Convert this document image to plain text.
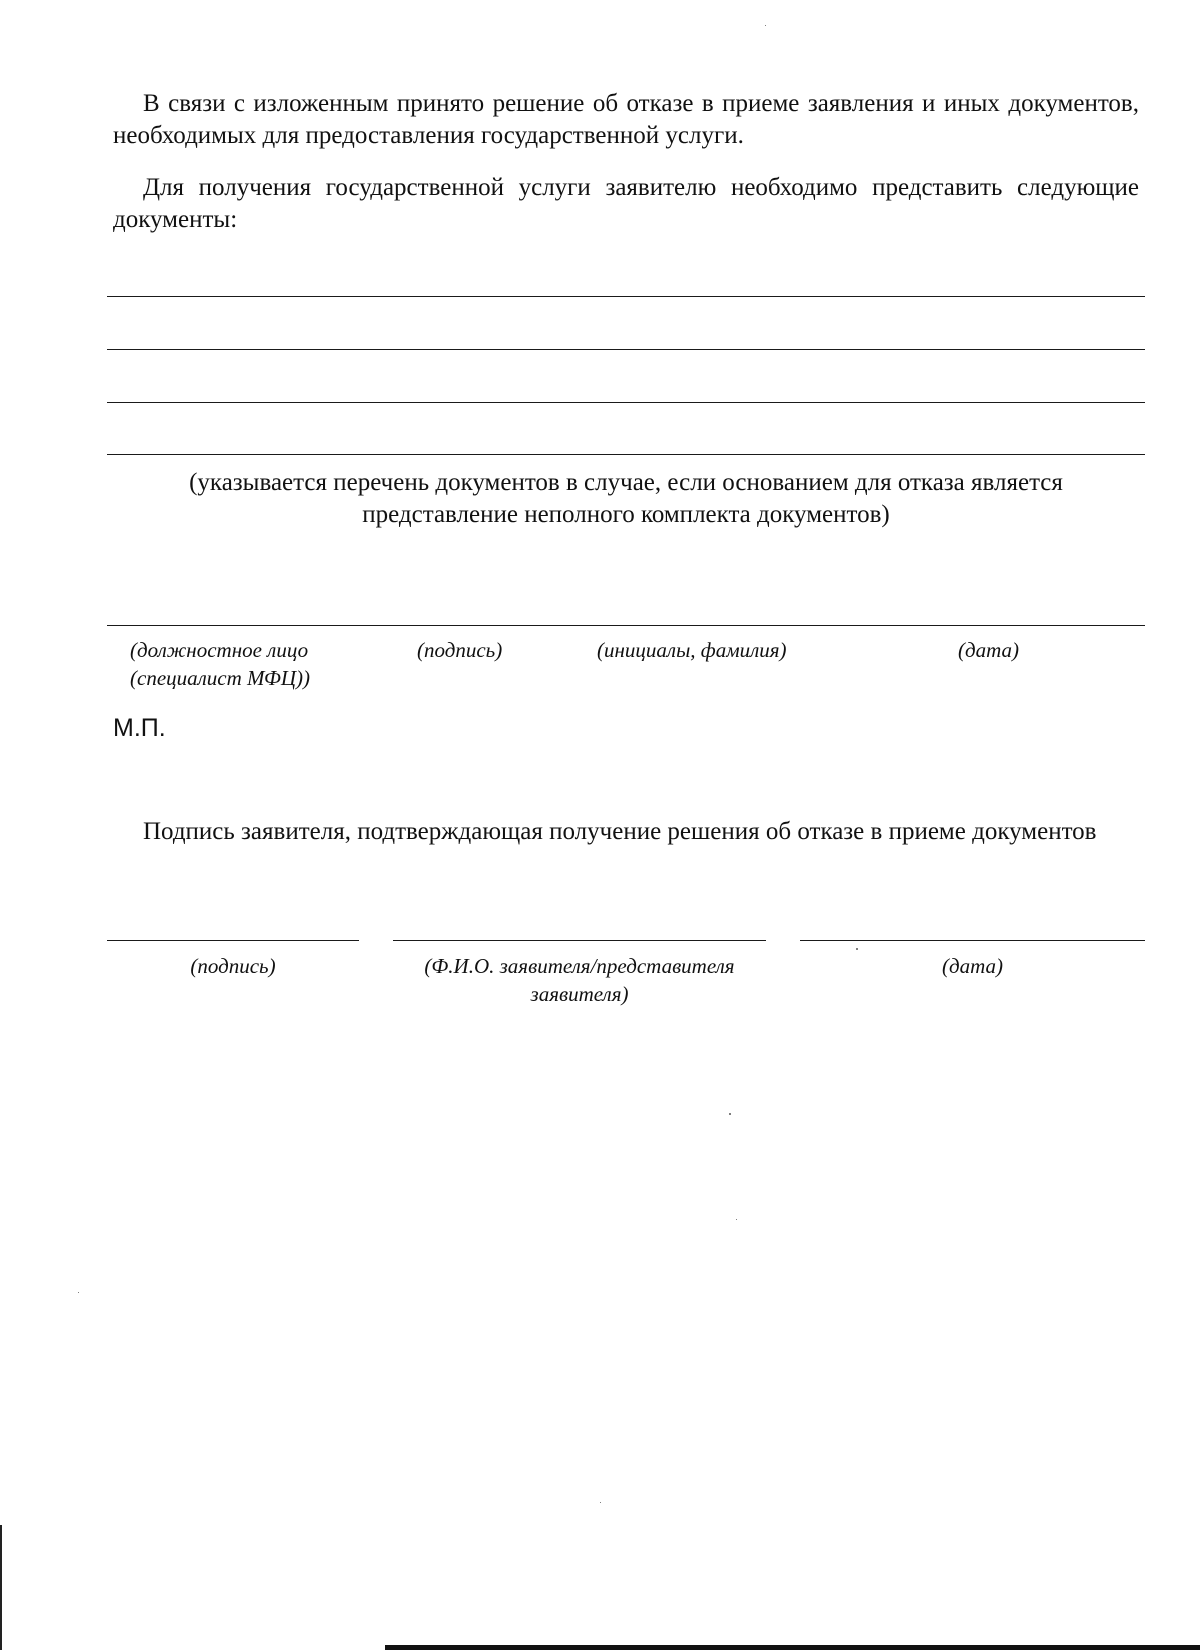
В связи с изложенным принято решение об отказе в приеме заявления и иных документов, необходимых для предоставления государственной услуги.
Для получения государственной услуги заявителю необходимо представить следующие документы:
(указывается перечень документов в случае, если основанием для отказа является представление неполного комплекта документов)
(должностное лицо (специалист МФЦ))
(подпись)	(инициалы, фамилия)	(дата)
М.П.
Подпись заявителя, подтверждающая получение решения об отказе в приеме документов
(подпись)	(Ф.И.О. заявителя/представителя заявителя)
(дата)
